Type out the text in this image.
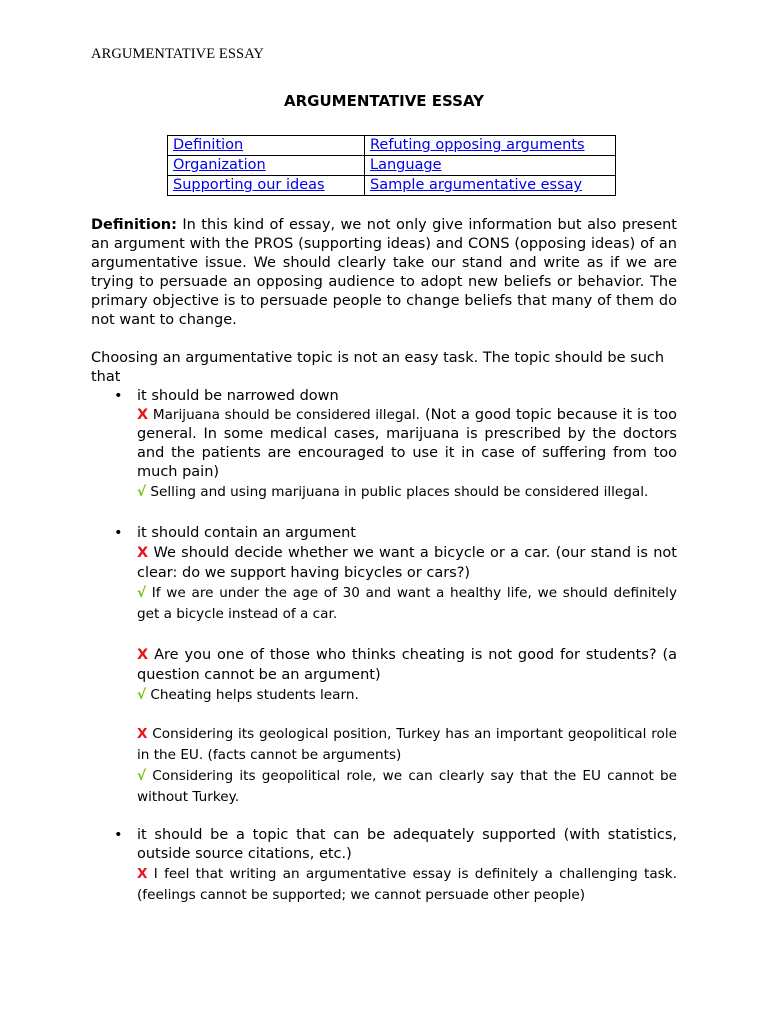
ARGUMENTATIVE ESSAY
ARGUMENTATIVE ESSAY
Definition	Refuting opposing arguments
Organization	Language
Supporting our ideas	Sample argumentative essay

Definition: In this kind of essay, we not only give information but also present an argument with the PROS (supporting ideas) and CONS (opposing ideas) of an argumentative issue. We should clearly take our stand and write as if we are trying to persuade an opposing audience to adopt new beliefs or behavior. The primary objective is to persuade people to change beliefs that many of them do not want to change.

Choosing an argumentative topic is not an easy task. The topic should be such that

• it should be narrowed down

X Marijuana should be considered illegal. (Not a good topic because it is too general. In some medical cases, marijuana is prescribed by the doctors and the patients are encouraged to use it in case of suffering from too much pain)

√ Selling and using marijuana in public places should be considered illegal.

• it should contain an argument

X We should decide whether we want a bicycle or a car. (our stand is not clear: do we support having bicycles or cars?)

√ If we are under the age of 30 and want a healthy life, we should definitely get a bicycle instead of a car.

X Are you one of those who thinks cheating is not good for students? (a question cannot be an argument)

√ Cheating helps students learn.

X Considering its geological position, Turkey has an important geopolitical role in the EU. (facts cannot be arguments)

√ Considering its geopolitical role, we can clearly say that the EU cannot be without Turkey.

• it should be a topic that can be adequately supported (with statistics, outside source citations, etc.)

X I feel that writing an argumentative essay is definitely a challenging task. (feelings cannot be supported; we cannot persuade other people)
